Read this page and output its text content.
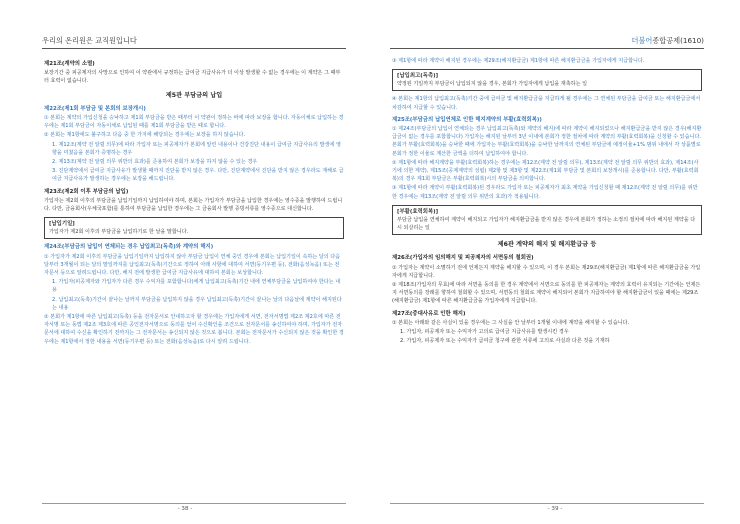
우리의 온리원은 교직원입니다
제21조(계약의 소멸)
보장기간 중 피공제자의 사망으로 인하여 이 약관에서 규정하는 급여금 지급사유가 더 이상 발생할 수 없는 경우에는 이 계약은 그 때부터 효력이 없습니다.
제5관 부담금의 납입
제22조(제1회 부담금 및 본회의 보장개시)
① 본회는 계약의 가입신청을 승낙하고 제1회 부담금을 받은 때부터 이 약관이 정하는 바에 따라 보장을 합니다. 자동이체로 납입하는 경우에는 제1회 부담금이 자동이체로 납입된 때를 제1회 부담금을 받은 때로 합니다.
② 본회는 제1항에도 불구하고 다음 중 한 가지에 해당되는 경우에는 보장을 하지 않습니다.
1. 제12조(계약 전 알릴 의무)에 따라 가입자 또는 피공제자가 본회에 알린 내용이나 건강진단 내용이 급여금 지급사유의 발생에 영향을 미쳤음을 본회가 증명하는 경우
2. 제13조(계약 전 알릴 의무 위반의 효과)를 준용하여 본회가 보장을 하지 않을 수 있는 경우
3. 진단계약에서 급여금 지급사유가 발생할 때까지 진단을 받지 않은 경우. 다만, 진단계약에서 진단을 받지 않은 경우라도 재해로 급여금 지급사유가 발생하는 경우에는 보장을 해드립니다.
제23조(제2회 이후 부담금의 납입)
가입자는 제2회 이후의 부담금을 납입기일까지 납입하여야 하며, 본회는 가입자가 부담금을 납입한 경우에는 영수증을 발행하여 드립니다. 다만, 금융회사(우체국포함)를 통하여 부담금을 납입한 경우에는 그 금융회사 발행 증빙서류를 영수증으로 대신합니다.
[납입기일]
가입자가 제2회 이후의 부담금을 납입하기로 한 날을 말합니다.
제24조(부담금의 납입이 연체되는 경우 납입최고(독촉)와 계약의 해지)
① 가입자가 제2회 이후의 부담금을 납입기일까지 납입하지 않아 부담금 납입이 연체 중인 경우에 본회는 납입기일이 속하는 달의 다음달부터 3개월이 되는 달의 말일까지를 납입최고(독촉)기간으로 정하여 아래 사항에 대하여 서면(등기우편 등), 전화(음성녹음) 또는 전자문서 등으로 알려드립니다. 다만, 해지 전에 발생한 급여금 지급사유에 대하여 본회는 보상합니다.
1. 가입자(피공제자와 가입자가 다른 경우 수익자를 포함합니다)에게 납입최고(독촉)기간 내에 연체부담금을 납입하여야 한다는 내용
2. 납입최고(독촉)기간이 끝나는 날까지 부담금을 납입하지 않을 경우 납입최고(독촉)기간이 끝나는 날의 다음날에 계약이 해지된다는 내용
② 본회가 제1항에 따른 납입최고(독촉) 등을 전자문서로 안내하고자 할 경우에는 가입자에게 서면, 전자서명법 제2조 제2호에 따른 전자서명 또는 동법 제2조 제3호에 따른 공인전자서명으로 동의를 얻어 수신확인을 조건으로 전자문서를 송신하여야 하며, 가입자가 전자문서에 대하여 수신을 확인하기 전까지는 그 전자문서는 송신되지 않은 것으로 봅니다. 본회는 전자문서가 수신되지 않은 것을 확인한 경우에는 제1항에서 정한 내용을 서면(등기우편 등) 또는 전화(음성녹음)로 다시 알려 드립니다.
- 38 -
더불어종합공제(1610)
③ 제1항에 따라 계약이 해지된 경우에는 제29조(해지환급금) 제1항에 따른 해지환급금을 가입자에게 지급합니다.
[납입최고(독촉)]
약정된 기일까지 부담금이 납입되지 않을 경우, 본회가 가입자에게 납입을 재촉하는 일
④ 본회는 제1항의 납입최고(독촉)기간 중에 급여금 및 해지환급금을 지급하게 될 경우에는 그 연체된 부담금을 급여금 또는 해지환급금에서 차감하여 지급할 수 있습니다.
제25조(부담금의 납입연체로 인한 해지계약의 부활(효력회복))
① 제24조(부담금의 납입이 연체되는 경우 납입최고(독촉)와 계약의 해지)에 따라 계약이 해지되었으나 해지환급금을 받지 않은 경우(해지환급금이 없는 경우를 포함합니다) 가입자는 해지된 날부터 3년 이내에 본회가 정한 절차에 따라 계약의 부활(효력회복)을 신청할 수 있습니다. 본회가 부활(효력회복)을 승낙한 때에 가입자는 부활(효력회복)을 승낙한 날까지의 연체된 부담금에 예정이율+1% 범위 내에서 각 상품별로 본회가 정한 이율로 계산한 금액을 더하여 납입하여야 합니다.
② 제1항에 따라 해지계약을 부활(효력회복)하는 경우에는 제12조(계약 전 알릴 의무), 제13조(계약 전 알릴 의무 위반의 효과), 제14조(사기에 의한 계약), 제15조(공제계약의 성립) 제2항 및 제3항 및 제22조(제1회 부담금 및 본회의 보장개시)를 준용합니다. 다만, 부활(효력회복)의 경우 제1회 부담금은 부활(효력회복)시의 부담금을 의미합니다.
③ 제1항에 따라 계약이 부활(효력회복)된 경우라도 가입자 또는 피공제자가 최초 계약을 가입신청할 때 제12조(계약 전 알릴 의무)를 위반한 경우에는 제13조(계약 전 알릴 의무 위반의 효과)가 적용됩니다.
[부활(효력회복)]
부담금 납입을 연체하여 계약이 해지되고 가입자가 해지환급금을 받지 않은 경우에 본회가 정하는 소정의 절차에 따라 해지된 계약을 다시 되살리는 일
제6관 계약의 해지 및 해지환급금 등
제26조(가입자의 임의해지 및 피공제자의 서면동의 철회권)
① 가입자는 계약이 소멸하기 전에 언제든지 계약을 해지할 수 있으며, 이 경우 본회는 제29조(해지환급금) 제1항에 따른 해지환급금을 가입자에게 지급합니다.
② 제18조(가입자의 무효)에 따라 서면을 동의를 한 경우 계약에서 서면으로 동의를 한 피공제자는 계약의 효력이 유지되는 기간에는 언제든지 서면동의를 장래를 향하여 철회할 수 있으며, 서면동의 철회로 계약이 해지되어 본회가 지급하여야 할 해지환급금이 있을 때에는 제29조(해지환급금) 제1항에 따른 해지환급금을 가입자에게 지급합니다.
제27조(중대사유로 인한 해지)
① 본회는 아래와 같은 사실이 있을 경우에는 그 사실을 안 날부터 1개월 이내에 계약을 해지할 수 있습니다.
1. 가입자, 피공제자 또는 수익자가 고의로 급여금 지급사유를 발생시킨 경우
2. 가입자, 피공제자 또는 수익자가 급여금 청구에 관한 서류에 고의로 사실과 다른 것을 기재하
- 39 -
